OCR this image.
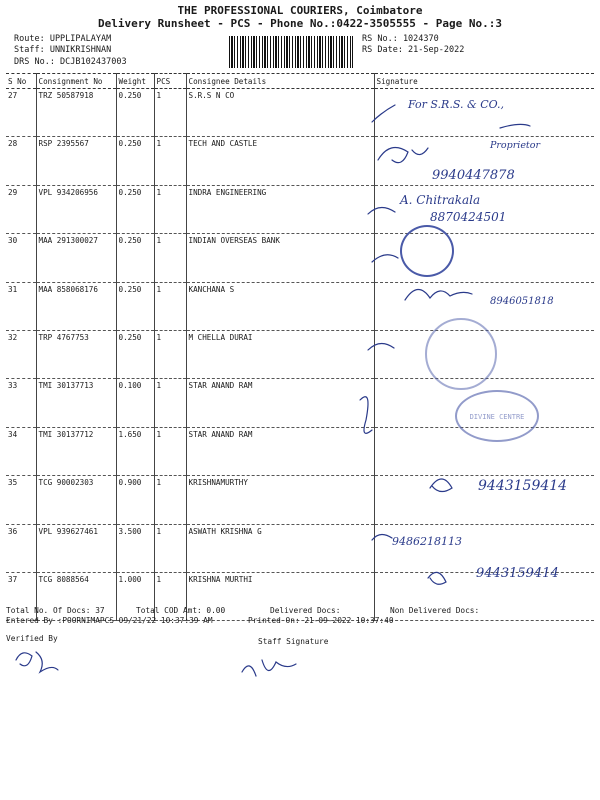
THE PROFESSIONAL COURIERS, Coimbatore
Delivery Runsheet - PCS - Phone No.:0422-3505555 - Page No.:3
Route: UPPLIPALAYAM
Staff: UNNIKRISHNAN
DRS No.: DCJB102437003
RS No.: 1024370
RS Date: 21-Sep-2022
S No	Consignment No	Weight	PCS	Consignee Details	Signature
27	TRZ 50587918	0.250	1	S.R.S N CO	
28	RSP 2395567	0.250	1	TECH AND CASTLE	
29	VPL 934206956	0.250	1	INDRA ENGINEERING	
30	MAA 291300027	0.250	1	INDIAN OVERSEAS BANK	
31	MAA 858068176	0.250	1	KANCHANA S	
32	TRP 4767753	0.250	1	M CHELLA DURAI	
33	TMI 30137713	0.100	1	STAR ANAND RAM	
34	TMI 30137712	1.650	1	STAR ANAND RAM	
35	TCG 90002303	0.900	1	KRISHNAMURTHY	
36	VPL 939627461	3.500	1	ASWATH KRISHNA G	
37	TCG 8088564	1.000	1	KRISHNA MURTHI	
For S.R.S. & CO.,
Proprietor
9940447878
A. Chitrakala
8870424501
8946051818
DIVINE CENTRE
9443159414
9486218113
9443159414
Total No. Of Docs: 37	Total COD Amt: 0.00	Delivered Docs:	Non Delivered Docs:
Entered By :POORNIMAPCS 09/21/22 10:37:39 AM	Printed On: 21-09-2022 10:37:40
Verified By	Staff Signature
